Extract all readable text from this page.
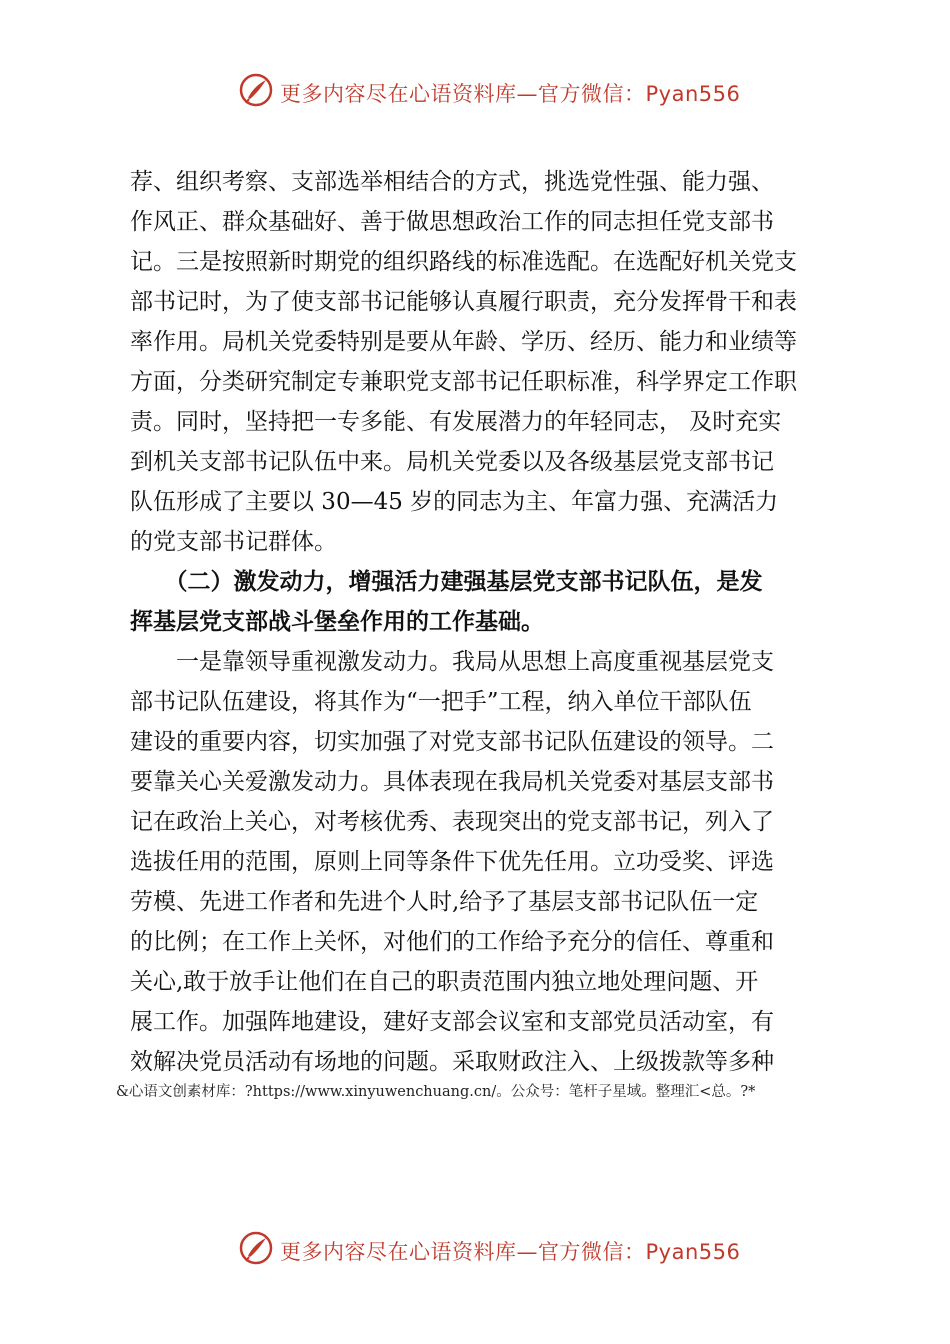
更多内容尽在心语资料库—官方微信：Pyan556
荐、组织考察、支部选举相结合的方式，挑选党性强、能力强、
作风正、群众基础好、善于做思想政治工作的同志担任党支部书
记。三是按照新时期党的组织路线的标准选配。在选配好机关党支
部书记时，为了使支部书记能够认真履行职责，充分发挥骨干和表
率作用。局机关党委特别是要从年龄、学历、经历、能力和业绩等
方面，分类研究制定专兼职党支部书记任职标准，科学界定工作职
责。同时，坚持把一专多能、有发展潜力的年轻同志， 及时充实
到机关支部书记队伍中来。局机关党委以及各级基层党支部书记
队伍形成了主要以 30—45 岁的同志为主、年富力强、充满活力
的党支部书记群体。
　　（二）激发动力，增强活力建强基层党支部书记队伍，是发
挥基层党支部战斗堡垒作用的工作基础。
　　一是靠领导重视激发动力。我局从思想上高度重视基层党支
部书记队伍建设，将其作为“一把手”工程，纳入单位干部队伍
建设的重要内容，切实加强了对党支部书记队伍建设的领导。二
要靠关心关爱激发动力。具体表现在我局机关党委对基层支部书
记在政治上关心，对考核优秀、表现突出的党支部书记，列入了
选拔任用的范围，原则上同等条件下优先任用。立功受奖、评选
劳模、先进工作者和先进个人时,给予了基层支部书记队伍一定
的比例；在工作上关怀，对他们的工作给予充分的信任、尊重和
关心,敢于放手让他们在自己的职责范围内独立地处理问题、开
展工作。加强阵地建设，建好支部会议室和支部党员活动室，有
效解决党员活动有场地的问题。采取财政注入、上级拨款等多种
&心语文创素材库：?https://www.xinyuwenchuang.cn/。公众号：笔杆子星域。整理汇<总。?*
更多内容尽在心语资料库—官方微信：Pyan556
